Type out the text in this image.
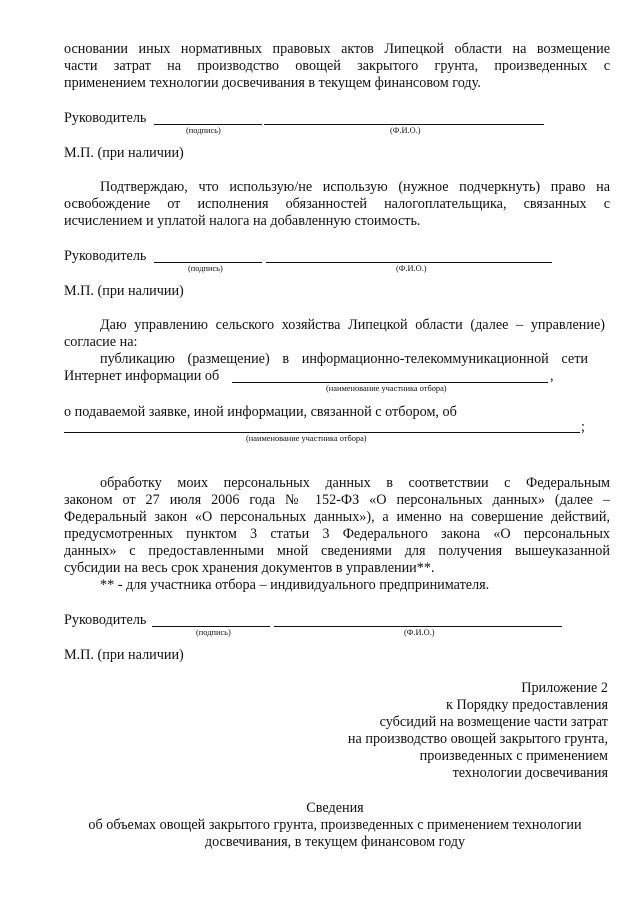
основании иных нормативных правовых актов Липецкой области на возмещение
части затрат на производство овощей закрытого грунта, произведенных с
применением технологии досвечивания в текущем финансовом году.
Руководитель
(подпись)	(Ф.И.О.)
М.П. (при наличии)
Подтверждаю, что использую/не использую (нужное подчеркнуть) право на
освобождение от исполнения обязанностей налогоплательщика, связанных с
исчислением и уплатой налога на добавленную стоимость.
Руководитель
(подпись)	(Ф.И.О.)
М.П. (при наличии)
Даю управлению сельского хозяйства Липецкой области (далее – управление)
согласие на:
публикацию (размещение) в информационно-телекоммуникационной сети
Интернет информации об	,
(наименование участника отбора)
о подаваемой заявке, иной информации, связанной с отбором, об
;
(наименование участника отбора)
обработку моих персональных данных в соответствии с Федеральным
законом от 27 июля 2006 года № 152-ФЗ «О персональных данных» (далее –
Федеральный закон «О персональных данных»), а именно на совершение действий,
предусмотренных пунктом 3 статьи 3 Федерального закона «О персональных
данных» с предоставленными мной сведениями для получения вышеуказанной
субсидии на весь срок хранения документов в управлении**.
** - для участника отбора – индивидуального предпринимателя.
Руководитель
(подпись)	(Ф.И.О.)
М.П. (при наличии)
Приложение 2
к Порядку предоставления
субсидий на возмещение части затрат
на производство овощей закрытого грунта,
произведенных с применением
технологии досвечивания
Сведения
об объемах овощей закрытого грунта, произведенных с применением технологии
досвечивания, в текущем финансовом году
